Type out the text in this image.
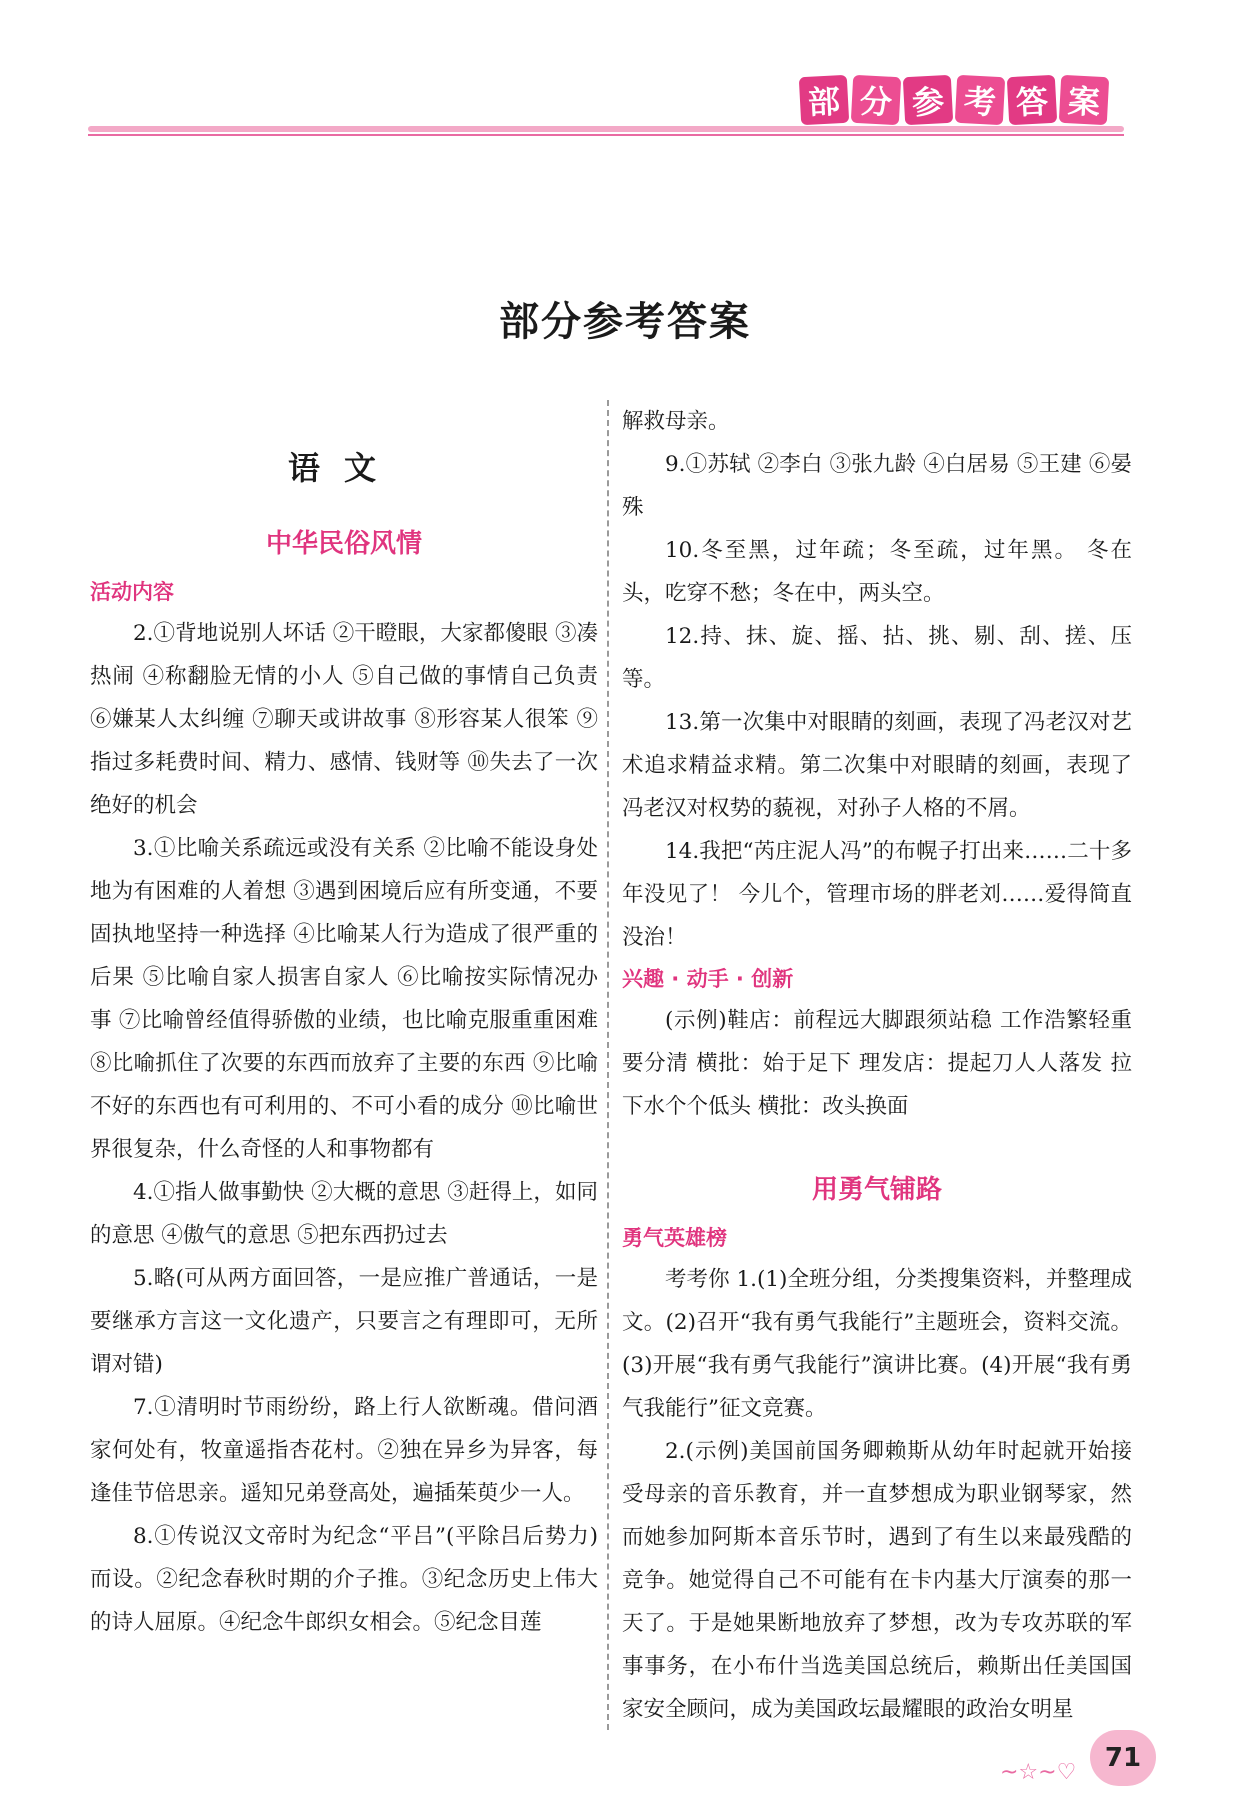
部 分 参 考 答 案
部分参考答案
语文
中华民俗风情
活动内容

2.①背地说别人坏话 ②干瞪眼，大家都傻眼 ③凑热闹 ④称翻脸无情的小人 ⑤自己做的事情自己负责 ⑥嫌某人太纠缠 ⑦聊天或讲故事 ⑧形容某人很笨 ⑨指过多耗费时间、精力、感情、钱财等 ⑩失去了一次绝好的机会

3.①比喻关系疏远或没有关系 ②比喻不能设身处地为有困难的人着想 ③遇到困境后应有所变通，不要固执地坚持一种选择 ④比喻某人行为造成了很严重的后果 ⑤比喻自家人损害自家人 ⑥比喻按实际情况办事 ⑦比喻曾经值得骄傲的业绩，也比喻克服重重困难 ⑧比喻抓住了次要的东西而放弃了主要的东西 ⑨比喻不好的东西也有可利用的、不可小看的成分 ⑩比喻世界很复杂，什么奇怪的人和事物都有

4.①指人做事勤快 ②大概的意思 ③赶得上，如同的意思 ④傲气的意思 ⑤把东西扔过去

5.略(可从两方面回答，一是应推广普通话，一是要继承方言这一文化遗产，只要言之有理即可，无所谓对错)

7.①清明时节雨纷纷，路上行人欲断魂。借问酒家何处有，牧童遥指杏花村。②独在异乡为异客，每逢佳节倍思亲。遥知兄弟登高处，遍插茱萸少一人。

8.①传说汉文帝时为纪念“平吕”(平除吕后势力)而设。②纪念春秋时期的介子推。③纪念历史上伟大的诗人屈原。④纪念牛郎织女相会。⑤纪念目莲

解救母亲。

9.①苏轼 ②李白 ③张九龄 ④白居易 ⑤王建 ⑥晏殊

10.冬至黑，过年疏；冬至疏，过年黑。 冬在头，吃穿不愁；冬在中，两头空。

12.持、抹、旋、摇、拈、挑、剔、刮、搓、压等。

13.第一次集中对眼睛的刻画，表现了冯老汉对艺术追求精益求精。第二次集中对眼睛的刻画，表现了冯老汉对权势的藐视，对孙子人格的不屑。

14.我把“芮庄泥人冯”的布幌子打出来……二十多年没见了！ 今儿个，管理市场的胖老刘……爱得简直没治！

兴趣 · 动手 · 创新

(示例)鞋店：前程远大脚跟须站稳 工作浩繁轻重要分清 横批：始于足下 理发店：提起刀人人落发 拉下水个个低头 横批：改头换面

用勇气铺路
勇气英雄榜

考考你 1.(1)全班分组，分类搜集资料，并整理成文。(2)召开“我有勇气我能行”主题班会，资料交流。(3)开展“我有勇气我能行”演讲比赛。(4)开展“我有勇气我能行”征文竞赛。

2.(示例)美国前国务卿赖斯从幼年时起就开始接受母亲的音乐教育，并一直梦想成为职业钢琴家，然而她参加阿斯本音乐节时，遇到了有生以来最残酷的竞争。她觉得自己不可能有在卡内基大厅演奏的那一天了。于是她果断地放弃了梦想，改为专攻苏联的军事事务，在小布什当选美国总统后，赖斯出任美国国家安全顾问，成为美国政坛最耀眼的政治女明星

~☆~♡	71
